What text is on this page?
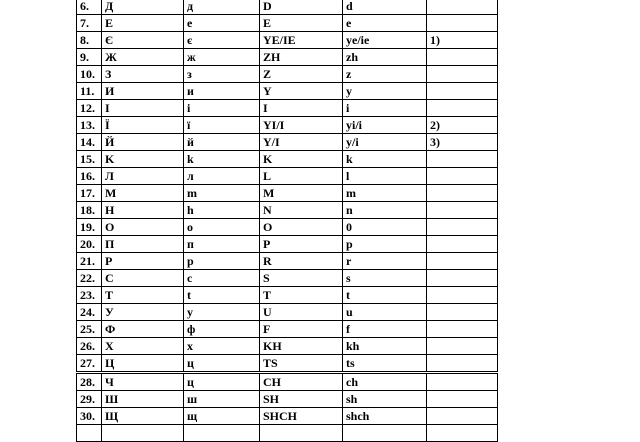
6.	Д	д	D	d	
7.	Е	е	E	e	
8.	Є	є	YE/IE	ye/ie	1)
9.	Ж	ж	ZH	zh	
10.	З	з	Z	z	
11.	И	и	Y	y	
12.	І	і	I	i	
13.	Ї	ї	YI/I	yi/i	2)
14.	Й	й	Y/I	y/i	3)
15.	K	k	K	k	
16.	Л	л	L	l	
17.	M	m	M	m	
18.	Н	h	N	n	
19.	О	о	O	0	
20.	П	п	P	p	
21.	Р	р	R	r	
22.	С	с	S	s	
23.	Т	t	T	t	
24.	У	у	U	u	
25.	Ф	ф	F	f	
26.	Х	х	KH	kh	
27.	Ц	ц	TS	ts	
28.	Ч	ц	CH	ch	
29.	Ш	ш	SH	sh	
30.	Щ	щ	SHCH	shch	
